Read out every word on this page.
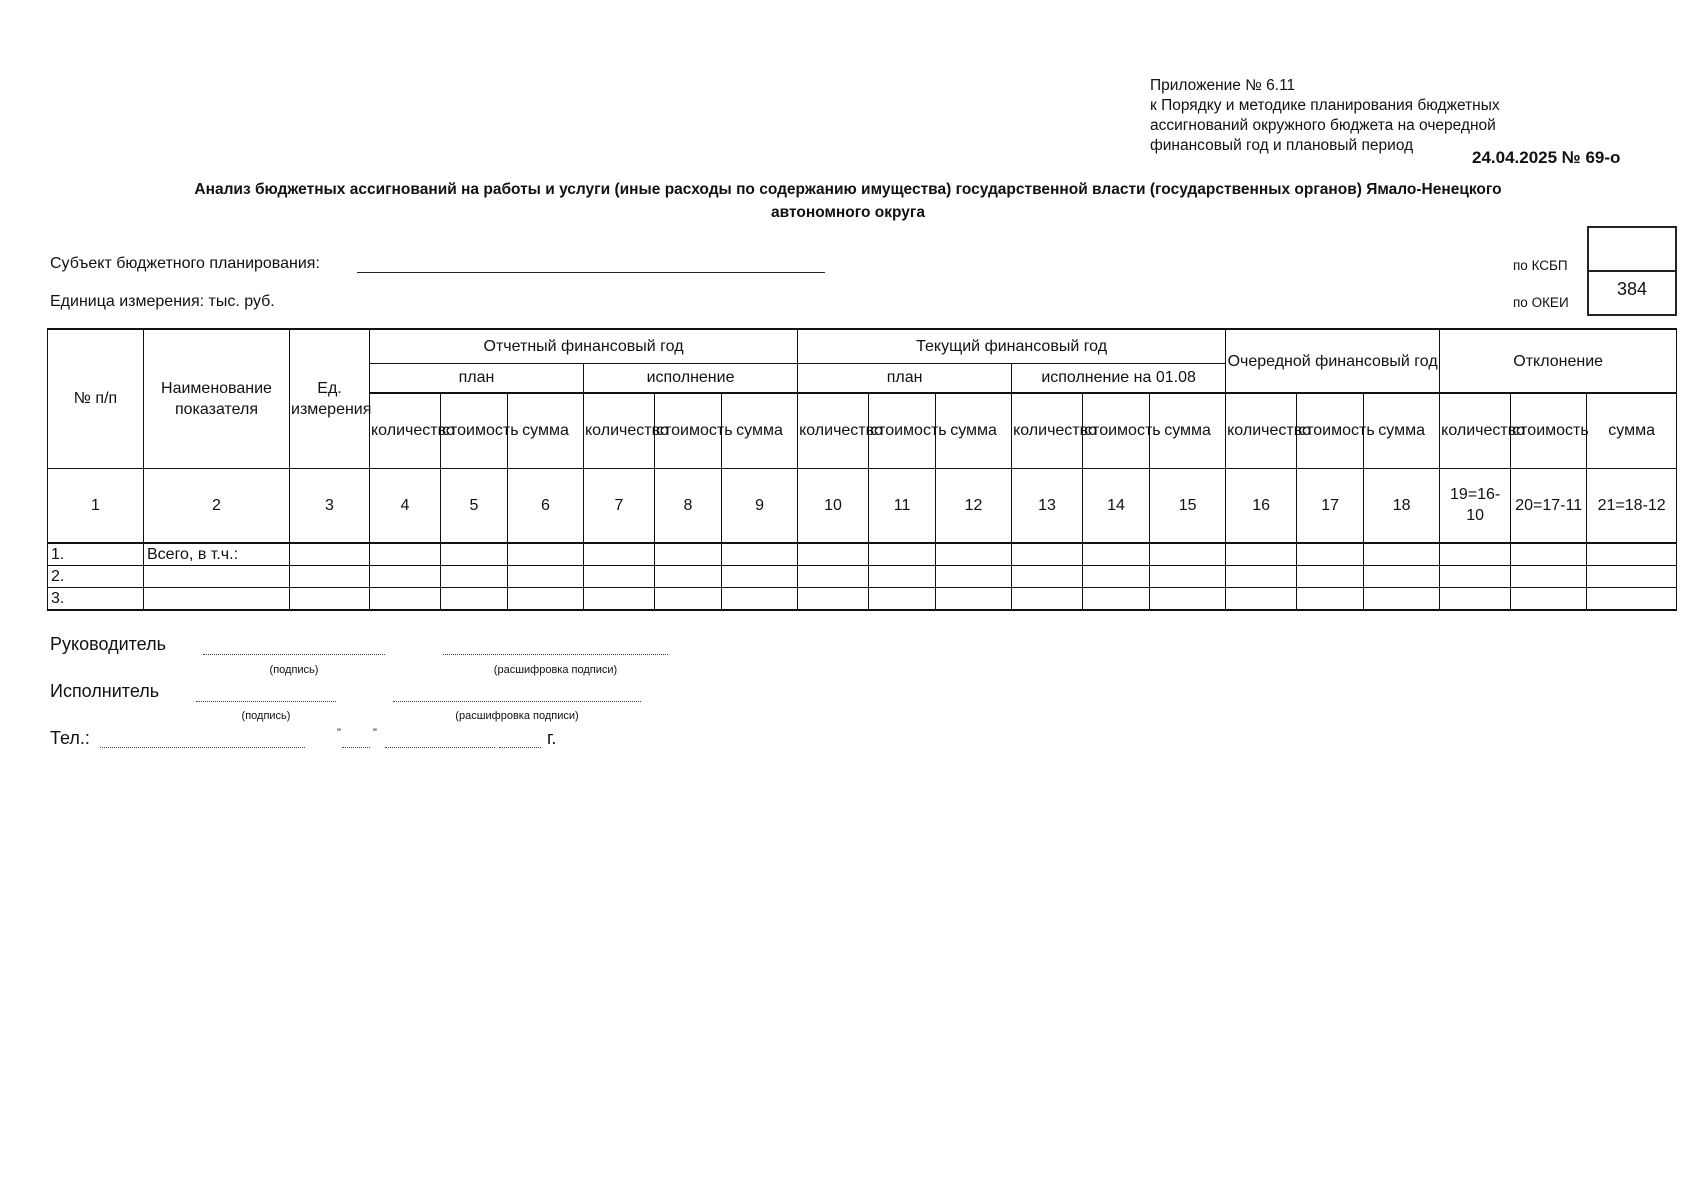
Приложение № 6.11
к Порядку и методике планирования бюджетных
ассигнований окружного бюджета на очередной
финансовый год и плановый период
24.04.2025 № 69-о
Анализ бюджетных ассигнований на работы и услуги (иные расходы по содержанию имущества) государственной власти (государственных органов) Ямало-Ненецкого
автономного округа
Субъект бюджетного планирования:
Единица измерения: тыс. руб.
по КСБП
по ОКЕИ
384
№ п/п	Наименование показателя	Ед. измерения	Отчетный финансовый год						Текущий финансовый год						Очередной финансовый год			Отклонение		
			план			исполнение			план			исполнение на 01.08								
			количество	стоимость	сумма	количество	стоимость	сумма	количество	стоимость	сумма	количество	стоимость	сумма	количество	стоимость	сумма	количество	стоимость	сумма
1	2	3	4	5	6	7	8	9	10	11	12	13	14	15	16	17	18	19=16-10	20=17-11	21=18-12
1.	Всего, в т.ч.:																			
2.																				
3.																				
Руководитель
(подпись)	(расшифровка подписи)
Исполнитель
(подпись)	(расшифровка подписи)
Тел.:	"	"	г.
